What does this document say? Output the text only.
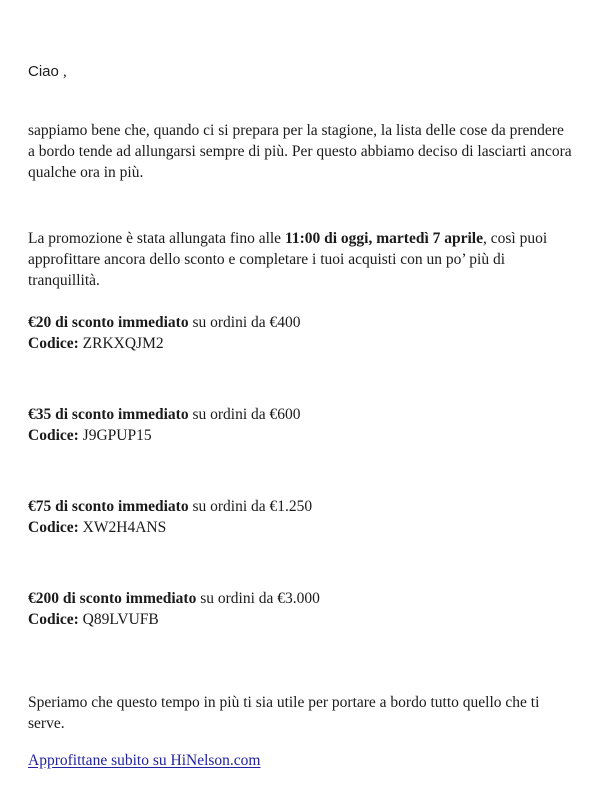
Ciao ,

sappiamo bene che, quando ci si prepara per la stagione, la lista delle cose da prendere a bordo tende ad allungarsi sempre di più. Per questo abbiamo deciso di lasciarti ancora qualche ora in più.

La promozione è stata allungata fino alle 11:00 di oggi, martedì 7 aprile, così puoi approfittare ancora dello sconto e completare i tuoi acquisti con un po’ più di tranquillità.

€20 di sconto immediato su ordini da €400
Codice: ZRKXQJM2
€35 di sconto immediato su ordini da €600
Codice: J9GPUP15
€75 di sconto immediato su ordini da €1.250
Codice: XW2H4ANS
€200 di sconto immediato su ordini da €3.000
Codice: Q89LVUFB

Speriamo che questo tempo in più ti sia utile per portare a bordo tutto quello che ti serve.

Approfittane subito su HiNelson.com
